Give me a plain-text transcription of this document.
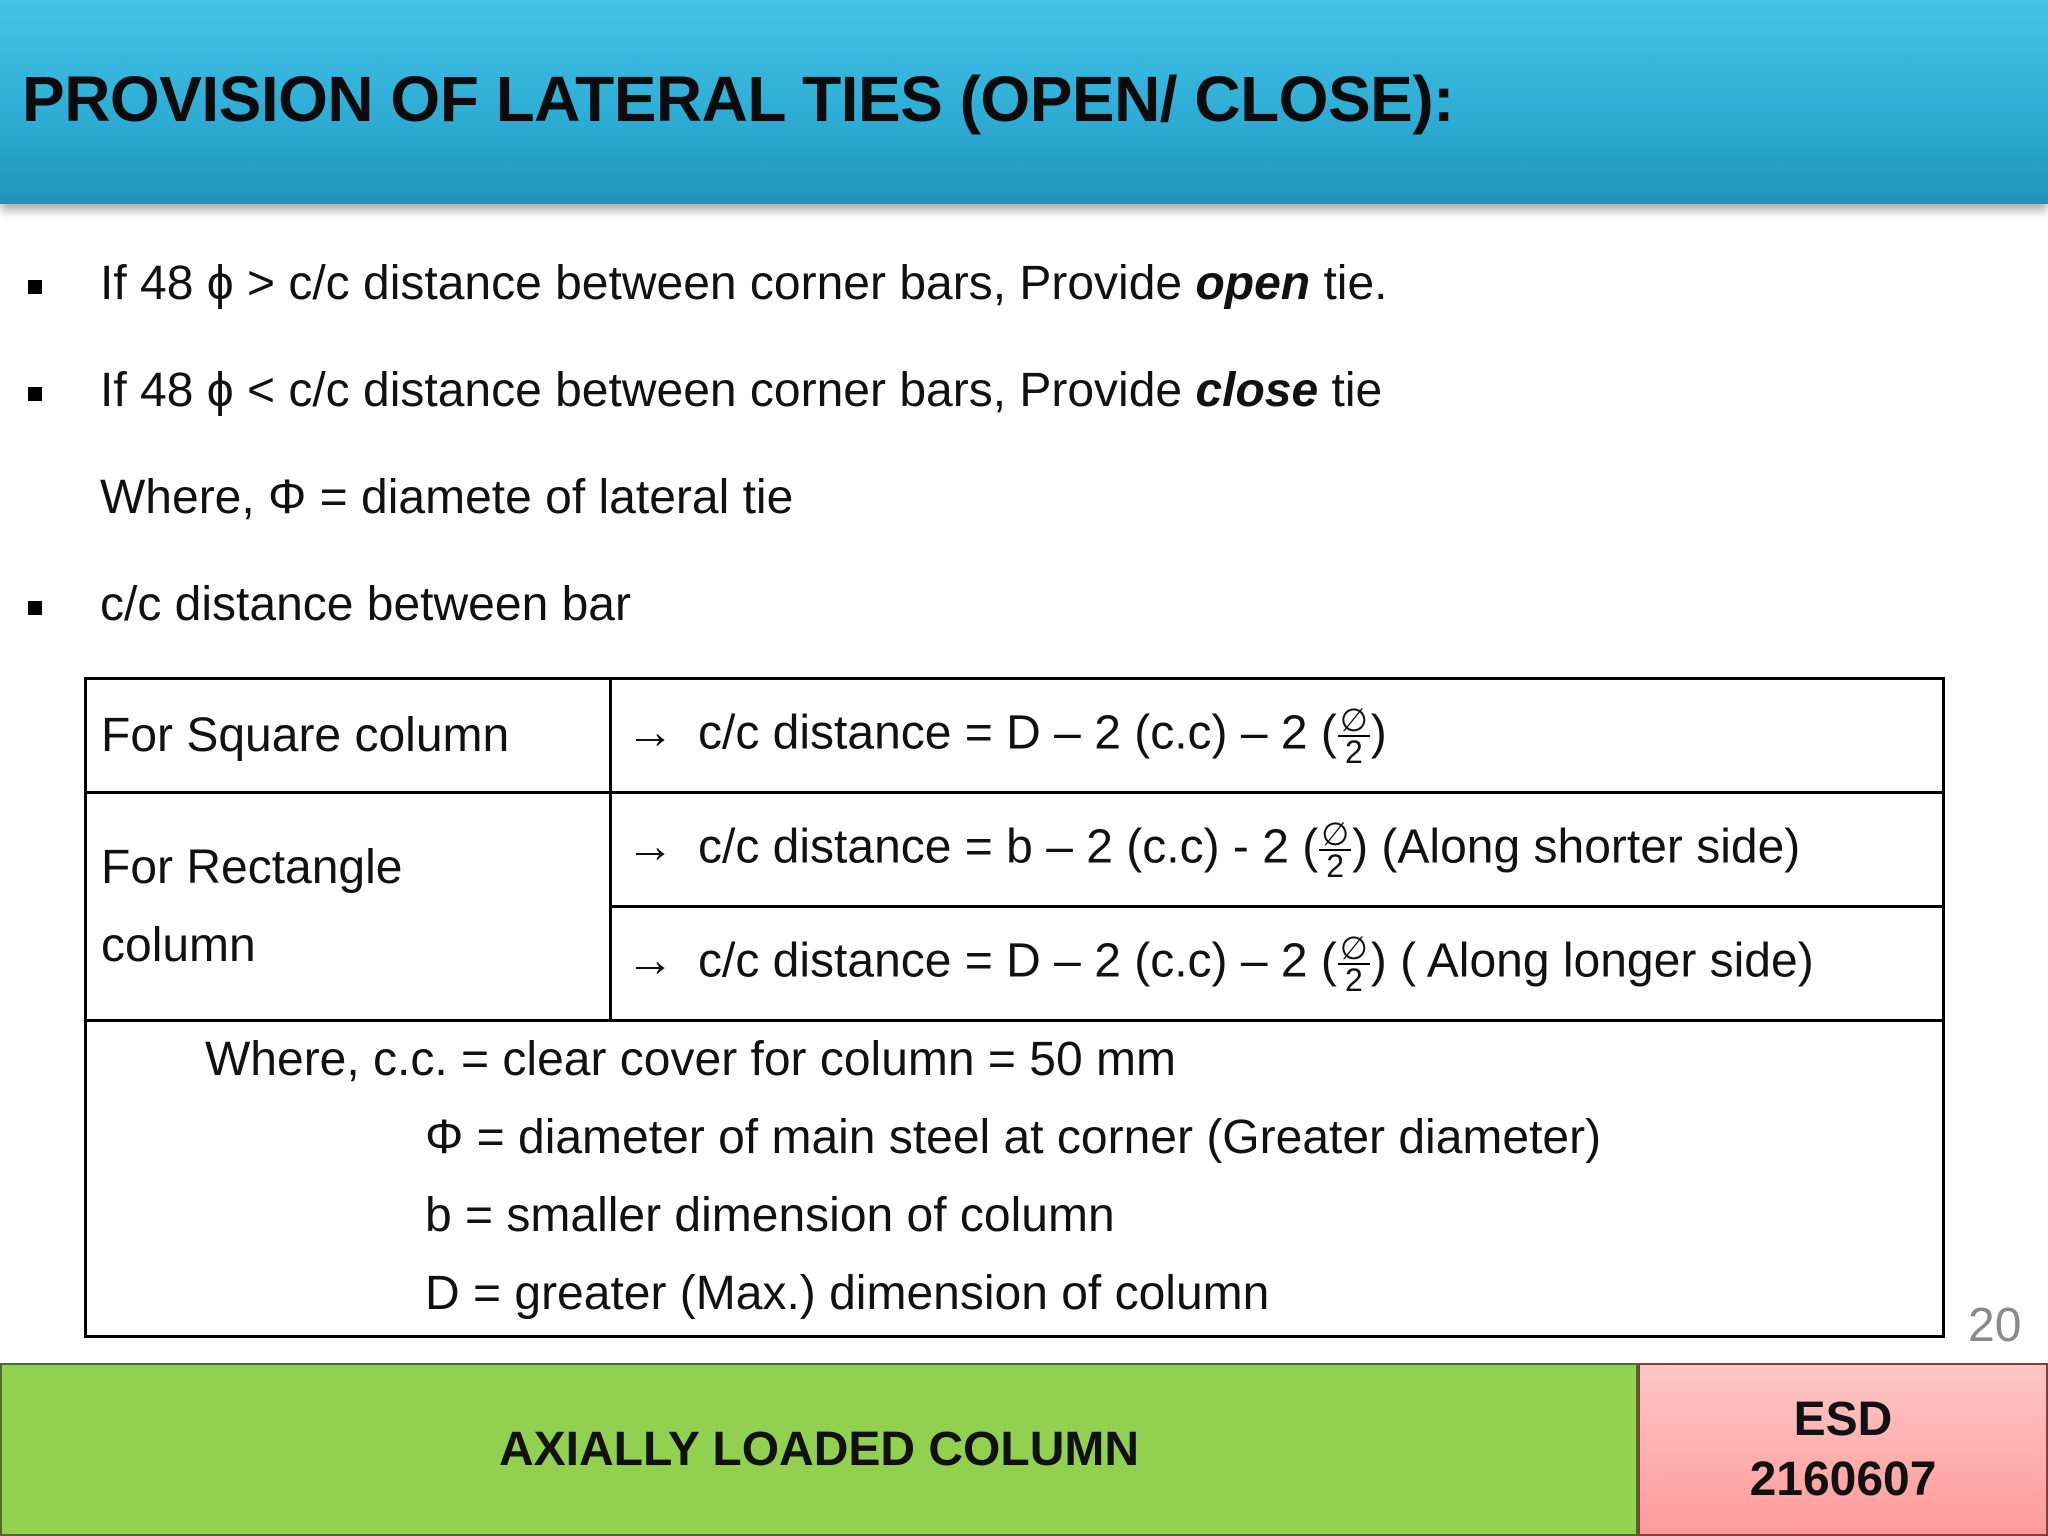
PROVISION OF LATERAL TIES (OPEN/ CLOSE):
If 48 ϕ > c/c distance between corner bars, Provide open tie.
If 48 ϕ < c/c distance between corner bars, Provide close tie
Where, Φ = diamete of lateral tie
c/c distance between bar
For Square column	→ c/c distance = D – 2 (c.c) – 2 ( $\frac{\emptyset}{2}$ )
For Rectangle
column	→ c/c distance = b – 2 (c.c) - 2 ( $\frac{\emptyset}{2}$ ) (Along shorter side)
	→ c/c distance = D – 2 (c.c) – 2 ( $\frac{\emptyset}{2}$ ) ( Along longer side)

Where, c.c. = clear cover for column = 50 mm
Φ = diameter of main steel at corner (Greater diameter)
b = smaller dimension of column
D = greater (Max.) dimension of column	
20
AXIALLY LOADED COLUMN
ESD
2160607
